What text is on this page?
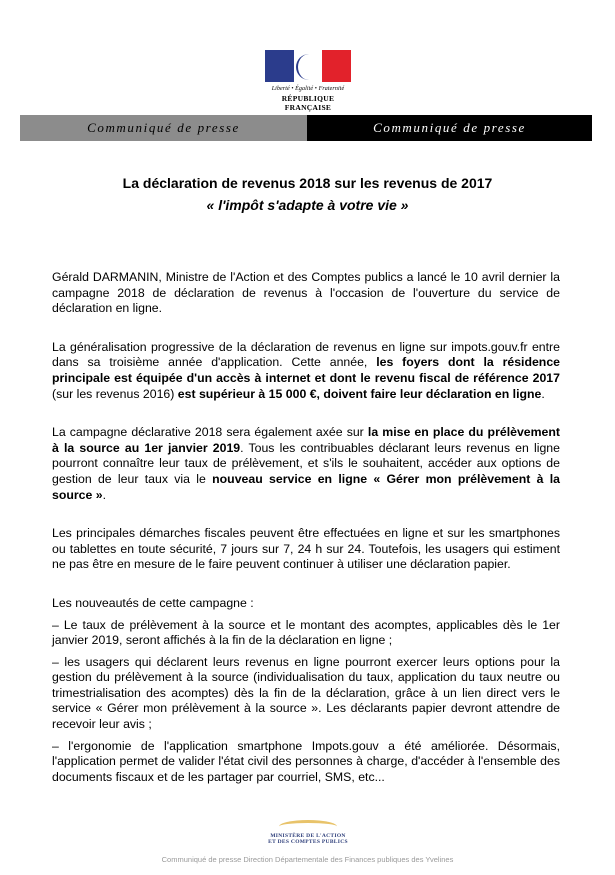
Liberté • Égalité • Fraternité
RÉPUBLIQUE FRANÇAISE
Communiqué de presse	Communiqué de presse
La déclaration de revenus 2018 sur les revenus de 2017
« l'impôt s'adapte à votre vie »

Gérald DARMANIN, Ministre de l'Action et des Comptes publics a lancé le 10 avril dernier la campagne 2018 de déclaration de revenus à l'occasion de l'ouverture du service de déclaration en ligne.

La généralisation progressive de la déclaration de revenus en ligne sur impots.gouv.fr entre dans sa troisième année d'application. Cette année, les foyers dont la résidence principale est équipée d'un accès à internet et dont le revenu fiscal de référence 2017 (sur les revenus 2016) est supérieur à 15 000 €, doivent faire leur déclaration en ligne.

La campagne déclarative 2018 sera également axée sur la mise en place du prélèvement à la source au 1er janvier 2019. Tous les contribuables déclarant leurs revenus en ligne pourront connaître leur taux de prélèvement, et s'ils le souhaitent, accéder aux options de gestion de leur taux via le nouveau service en ligne « Gérer mon prélèvement à la source ».

Les principales démarches fiscales peuvent être effectuées en ligne et sur les smartphones ou tablettes en toute sécurité, 7 jours sur 7, 24 h sur 24. Toutefois, les usagers qui estiment ne pas être en mesure de le faire peuvent continuer à utiliser une déclaration papier.

Les nouveautés de cette campagne :

– Le taux de prélèvement à la source et le montant des acomptes, applicables dès le 1er janvier 2019, seront affichés à la fin de la déclaration en ligne ;

– les usagers qui déclarent leurs revenus en ligne pourront exercer leurs options pour la gestion du prélèvement à la source (individualisation du taux, application du taux neutre ou trimestrialisation des acomptes) dès la fin de la déclaration, grâce à un lien direct vers le service « Gérer mon prélèvement à la source ». Les déclarants papier devront attendre de recevoir leur avis ;

– l'ergonomie de l'application smartphone Impots.gouv a été améliorée. Désormais, l'application permet de valider l'état civil des personnes à charge, d'accéder à l'ensemble des documents fiscaux et de les partager par courriel, SMS, etc...

MINISTÈRE DE L'ACTION
ET DES COMPTES PUBLICS
Communiqué de presse Direction Départementale des Finances publiques des Yvelines
